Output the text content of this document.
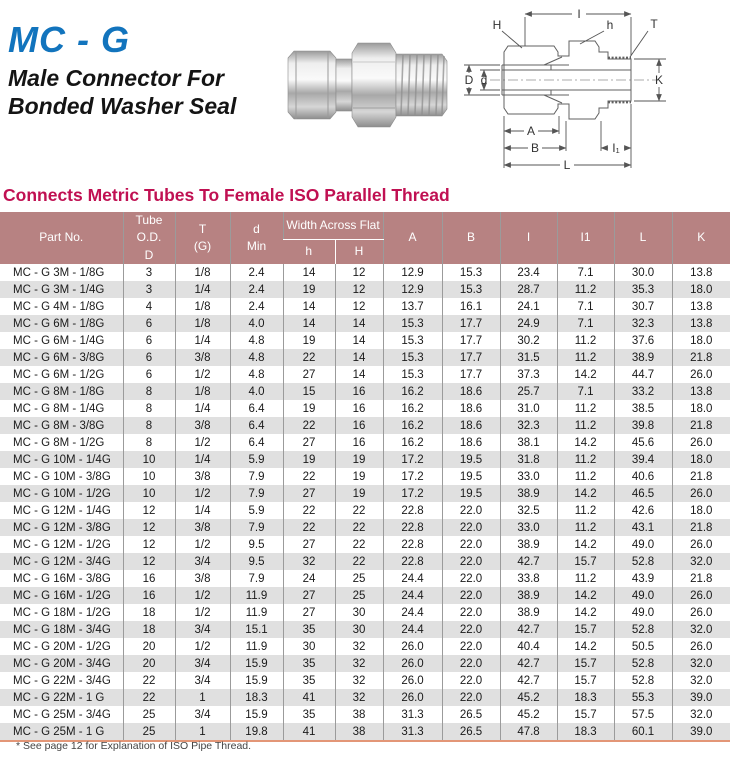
MC - G
Male Connector For
Bonded Washer Seal
I
H	h	T
D d	K
A
B	I₁
L
Connects Metric Tubes To Female ISO Parallel Thread
Part No.	
Tube O.D.
D

T
(G)

d
Min
	Width Across Flat	A	B	I	I1	L	K
				h	H						
MC - G 3M - 1/8G	3	1/8	2.4	14	12	12.9	15.3	23.4	7.1	30.0	13.8
MC - G 3M - 1/4G	3	1/4	2.4	19	12	12.9	15.3	28.7	11.2	35.3	18.0
MC - G 4M - 1/8G	4	1/8	2.4	14	12	13.7	16.1	24.1	7.1	30.7	13.8
MC - G 6M - 1/8G	6	1/8	4.0	14	14	15.3	17.7	24.9	7.1	32.3	13.8
MC - G 6M - 1/4G	6	1/4	4.8	19	14	15.3	17.7	30.2	11.2	37.6	18.0
MC - G 6M - 3/8G	6	3/8	4.8	22	14	15.3	17.7	31.5	11.2	38.9	21.8
MC - G 6M - 1/2G	6	1/2	4.8	27	14	15.3	17.7	37.3	14.2	44.7	26.0
MC - G 8M - 1/8G	8	1/8	4.0	15	16	16.2	18.6	25.7	7.1	33.2	13.8
MC - G 8M - 1/4G	8	1/4	6.4	19	16	16.2	18.6	31.0	11.2	38.5	18.0
MC - G 8M - 3/8G	8	3/8	6.4	22	16	16.2	18.6	32.3	11.2	39.8	21.8
MC - G 8M - 1/2G	8	1/2	6.4	27	16	16.2	18.6	38.1	14.2	45.6	26.0
MC - G 10M - 1/4G	10	1/4	5.9	19	19	17.2	19.5	31.8	11.2	39.4	18.0
MC - G 10M - 3/8G	10	3/8	7.9	22	19	17.2	19.5	33.0	11.2	40.6	21.8
MC - G 10M - 1/2G	10	1/2	7.9	27	19	17.2	19.5	38.9	14.2	46.5	26.0
MC - G 12M - 1/4G	12	1/4	5.9	22	22	22.8	22.0	32.5	11.2	42.6	18.0
MC - G 12M - 3/8G	12	3/8	7.9	22	22	22.8	22.0	33.0	11.2	43.1	21.8
MC - G 12M - 1/2G	12	1/2	9.5	27	22	22.8	22.0	38.9	14.2	49.0	26.0
MC - G 12M - 3/4G	12	3/4	9.5	32	22	22.8	22.0	42.7	15.7	52.8	32.0
MC - G 16M - 3/8G	16	3/8	7.9	24	25	24.4	22.0	33.8	11.2	43.9	21.8
MC - G 16M - 1/2G	16	1/2	11.9	27	25	24.4	22.0	38.9	14.2	49.0	26.0
MC - G 18M - 1/2G	18	1/2	11.9	27	30	24.4	22.0	38.9	14.2	49.0	26.0
MC - G 18M - 3/4G	18	3/4	15.1	35	30	24.4	22.0	42.7	15.7	52.8	32.0
MC - G 20M - 1/2G	20	1/2	11.9	30	32	26.0	22.0	40.4	14.2	50.5	26.0
MC - G 20M - 3/4G	20	3/4	15.9	35	32	26.0	22.0	42.7	15.7	52.8	32.0
MC - G 22M - 3/4G	22	3/4	15.9	35	32	26.0	22.0	42.7	15.7	52.8	32.0
MC - G 22M - 1 G	22	1	18.3	41	32	26.0	22.0	45.2	18.3	55.3	39.0
MC - G 25M - 3/4G	25	3/4	15.9	35	38	31.3	26.5	45.2	15.7	57.5	32.0
MC - G 25M - 1 G	25	1	19.8	41	38	31.3	26.5	47.8	18.3	60.1	39.0
* See page 12 for Explanation of ISO Pipe Thread.
